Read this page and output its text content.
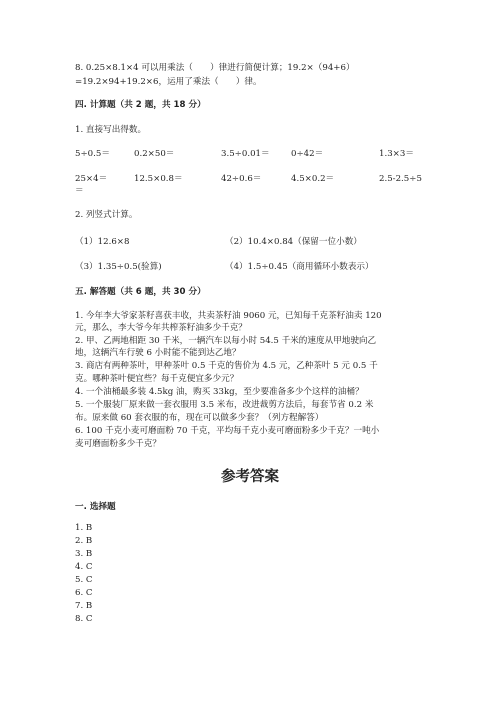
8. 0.25×8.1×4 可以用乘法（　　）律进行简便计算；19.2×（94+6）
=19.2×94+19.2×6，运用了乘法（　　）律。
四. 计算题（共 2 题，共 18 分）
1. 直接写出得数。
5÷0.5＝	0.2×50＝	3.5÷0.01＝ 0÷42＝	1.3×3＝
25×4＝	12.5×0.8＝	42÷0.6＝	4.5×0.2＝	2.5-2.5÷5
＝
2. 列竖式计算。
（1）12.6×8	（2）10.4×0.84（保留一位小数）
（3）1.35÷0.5(验算)	（4）1.5÷0.45（商用循环小数表示）
五. 解答题（共 6 题，共 30 分）
1. 今年李大爷家茶籽喜获丰收，共卖茶籽油 9060 元，已知每千克茶籽油卖 120
元，那么，李大爷今年共榨茶籽油多少千克？
2. 甲、乙两地相距 30 千米，一辆汽车以每小时 54.5 千米的速度从甲地驶向乙
地，这辆汽车行驶 6 小时能不能到达乙地？
3. 商店有两种茶叶，甲种茶叶 0.5 千克的售价为 4.5 元，乙种茶叶 5 元 0.5 千
克。哪种茶叶便宜些？每千克便宜多少元？
4. 一个油桶最多装 4.5kg 油，购买 33kg，至少要准备多少个这样的油桶？
5. 一个服装厂原来做一套衣服用 3.5 米布，改进裁剪方法后，每套节省 0.2 米
布。原来做 60 套衣服的布，现在可以做多少套？（列方程解答）
6. 100 千克小麦可磨面粉 70 千克，平均每千克小麦可磨面粉多少千克？一吨小
麦可磨面粉多少千克？
参考答案
一. 选择题
1. B
2. B
3. B
4. C
5. C
6. C
7. B
8. C
